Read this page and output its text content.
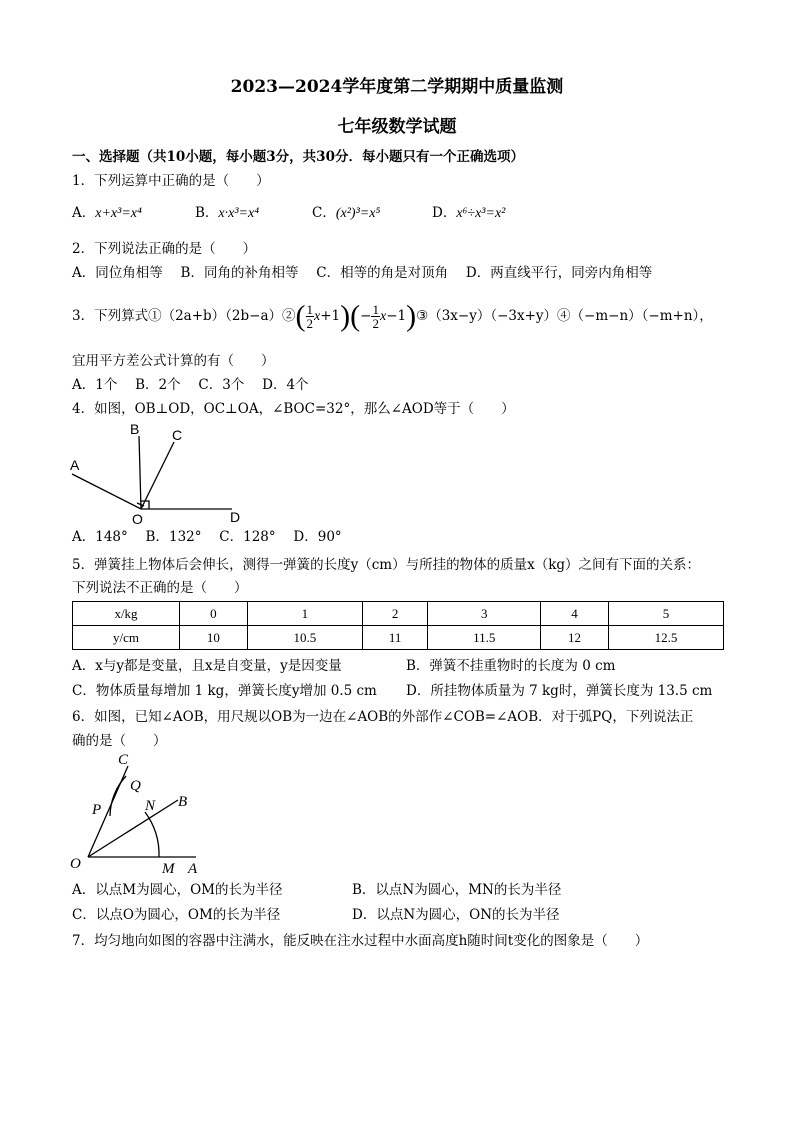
2023—2024学年度第二学期期中质量监测
七年级数学试题
一、选择题（共10小题，每小题3分，共30分．每小题只有一个正确选项）
1．下列运算中正确的是（　　）
A．x+x³=x⁴	B．x·x³=x⁴	C．(x²)³=x⁵	D．x⁶÷x³=x²
2．下列说法正确的是（　　）
A．同位角相等　 B．同角的补角相等　 C．相等的角是对顶角　 D．两直线平行，同旁内角相等
3．下列算式①（2a+b）（2b−a）②( $\frac{1}{2} x+1)(- \frac{1}{2}$ x−1)③（3x−y）（−3x+y）④（−m−n）（−m+n），
宜用平方差公式计算的有（　　）
A．1个　 B．2个　 C．3个　 D．4个
4．如图，OB⊥OD，OC⊥OA，∠BOC=32°，那么∠AOD等于（　　）
B C
A
O	D
A．148°　 B．132°　 C．128°　 D．90°
5．弹簧挂上物体后会伸长，测得一弹簧的长度y（cm）与所挂的物体的质量x（kg）之间有下面的关系：
下列说法不正确的是（　　）
x/kg	0	1	2	3	4	5
y/cm	10	10.5	11	11.5	12	12.5
A．x与y都是变量，且x是自变量，y是因变量	B．弹簧不挂重物时的长度为 0 cm
C．物体质量每增加 1 kg，弹簧长度y增加 0.5 cm D．所挂物体质量为 7 kg时，弹簧长度为 13.5 cm
6．如图，已知∠AOB，用尺规以OB为一边在∠AOB的外部作∠COB=∠AOB．对于弧PQ，下列说法正
确的是（　　）
C
Q
P	N B
O	M A
A．以点M为圆心，OM的长为半径	B．以点N为圆心，MN的长为半径
C．以点O为圆心，OM的长为半径	D．以点N为圆心，ON的长为半径
7．均匀地向如图的容器中注满水，能反映在注水过程中水面高度h随时间t变化的图象是（　　）
